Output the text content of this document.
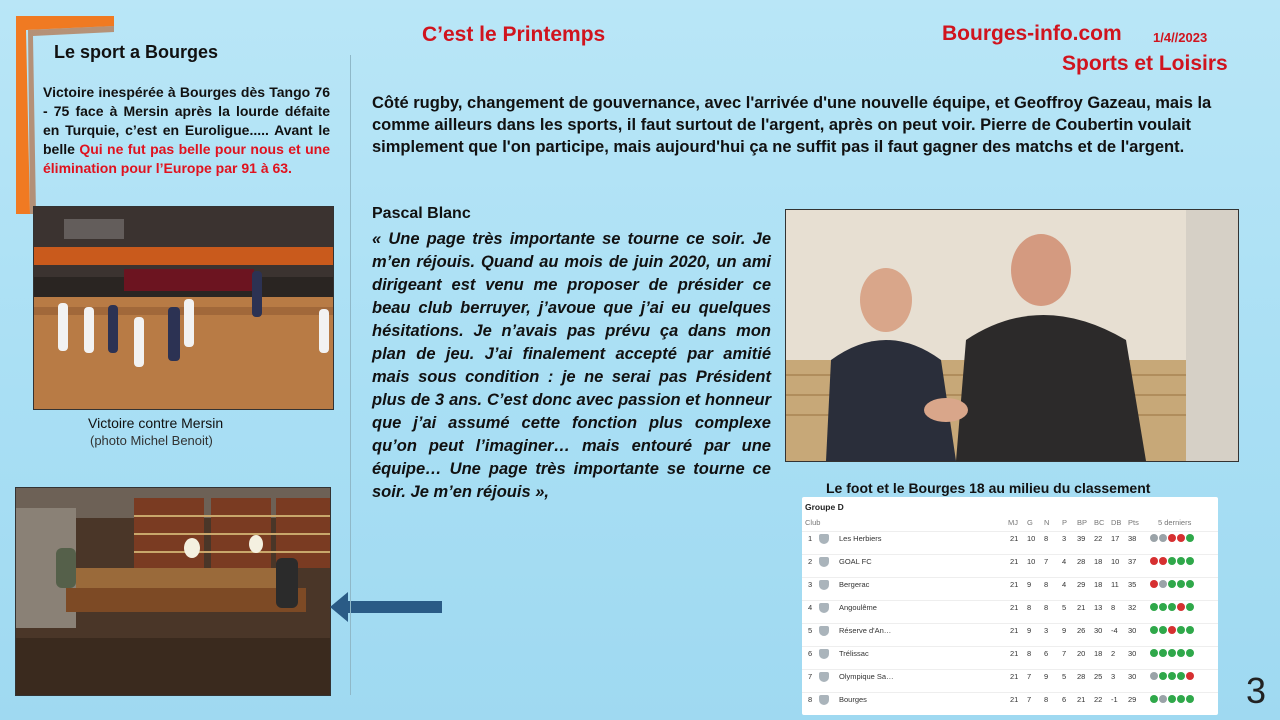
Le sport a Bourges
Victoire inespérée à Bourges dès Tango 76 - 75 face à Mersin après la lourde défaite en Turquie, c’est en Euroligue..... Avant le belle Qui ne fut pas belle pour nous et une élimination pour l’Europe par 91 à 63.
Victoire contre Mersin
(photo Michel Benoit)
C’est le Printemps	Bourges-info.com 1/4//2023
Sports et Loisirs
Côté rugby, changement de gouvernance, avec l'arrivée d'une nouvelle équipe, et Geoffroy Gazeau, mais la comme ailleurs dans les sports, il faut surtout de l'argent, après on peut voir. Pierre de Coubertin voulait simplement que l'on participe, mais aujourd'hui ça ne suffit pas il faut gagner des matchs et de l'argent.
Pascal Blanc
« Une page très importante se tourne ce soir. Je m’en réjouis. Quand au mois de juin 2020, un ami dirigeant est venu me proposer de présider ce beau club berruyer, j’avoue que j’ai eu quelques hésitations. Je n’avais pas prévu ça dans mon plan de jeu. J’ai finalement accepté par amitié mais sous condition : je ne serai pas Président plus de 3 ans. C’est donc avec passion et honneur que j’ai assumé cette fonction plus complexe qu’on peut l’imaginer… mais entouré par une équipe… Une page très importante se tourne ce soir. Je m’en réjouis »,	Le foot et le Bourges 18 au milieu du classement
Groupe D
Club	MJ G N P BP BC DB Pts	5 derniers
1	Les Herbiers	21 10 8 3 39 22 17 38
2	GOAL FC	21 10 7 4 28 18 10 37
3	Bergerac	21 9 8 4 29 18 11 35
4	Angoulême	21 8 8 5 21 13 8 32
5	Réserve d'An…	21 9 3 9 26 30 -4 30
6	Trélissac	21 8 6 7 20 18 2 30
7	Olympique Sa…	21 7 9 5 28 25 3 30
8	Bourges	21 7 8 6 21 22 -1 29	3
